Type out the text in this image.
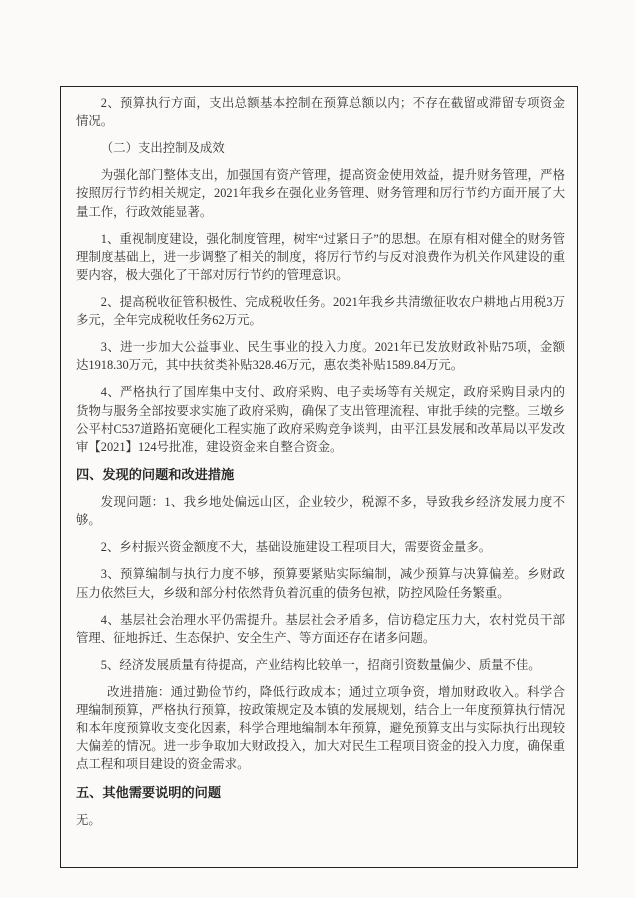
2、预算执行方面，支出总额基本控制在预算总额以内；不存在截留或滞留专项资金情况。

（二）支出控制及成效

为强化部门整体支出，加强国有资产管理，提高资金使用效益，提升财务管理，严格按照厉行节约相关规定，2021年我乡在强化业务管理、财务管理和厉行节约方面开展了大量工作，行政效能显著。

1、重视制度建设，强化制度管理，树牢“过紧日子”的思想。在原有相对健全的财务管理制度基础上，进一步调整了相关的制度，将厉行节约与反对浪费作为机关作风建设的重要内容，极大强化了干部对厉行节约的管理意识。

2、提高税收征管积极性、完成税收任务。2021年我乡共清缴征收农户耕地占用税3万多元，全年完成税收任务62万元。

3、进一步加大公益事业、民生事业的投入力度。2021年已发放财政补贴75项，金额达1918.30万元，其中扶贫类补贴328.46万元，惠农类补贴1589.84万元。

4、严格执行了国库集中支付、政府采购、电子卖场等有关规定，政府采购目录内的货物与服务全部按要求实施了政府采购，确保了支出管理流程、审批手续的完整。三墩乡公平村C537道路拓宽硬化工程实施了政府采购竞争谈判，由平江县发展和改革局以平发改审【2021】124号批准，建设资金来自整合资金。

四、发现的问题和改进措施

发现问题：1、我乡地处偏远山区，企业较少，税源不多，导致我乡经济发展力度不够。

2、乡村振兴资金额度不大，基础设施建设工程项目大，需要资金量多。

3、预算编制与执行力度不够，预算要紧贴实际编制，减少预算与决算偏差。乡财政压力依然巨大，乡级和部分村依然背负着沉重的债务包袱，防控风险任务繁重。

4、基层社会治理水平仍需提升。基层社会矛盾多，信访稳定压力大，农村党员干部管理、征地拆迁、生态保护、安全生产、等方面还存在诸多问题。

5、经济发展质量有待提高，产业结构比较单一，招商引资数量偏少、质量不佳。

改进措施：通过勤俭节约，降低行政成本；通过立项争资，增加财政收入。科学合理编制预算，严格执行预算，按政策规定及本镇的发展规划，结合上一年度预算执行情况和本年度预算收支变化因素，科学合理地编制本年预算，避免预算支出与实际执行出现较大偏差的情况。进一步争取加大财政投入，加大对民生工程项目资金的投入力度，确保重点工程和项目建设的资金需求。

五、其他需要说明的问题

无。
